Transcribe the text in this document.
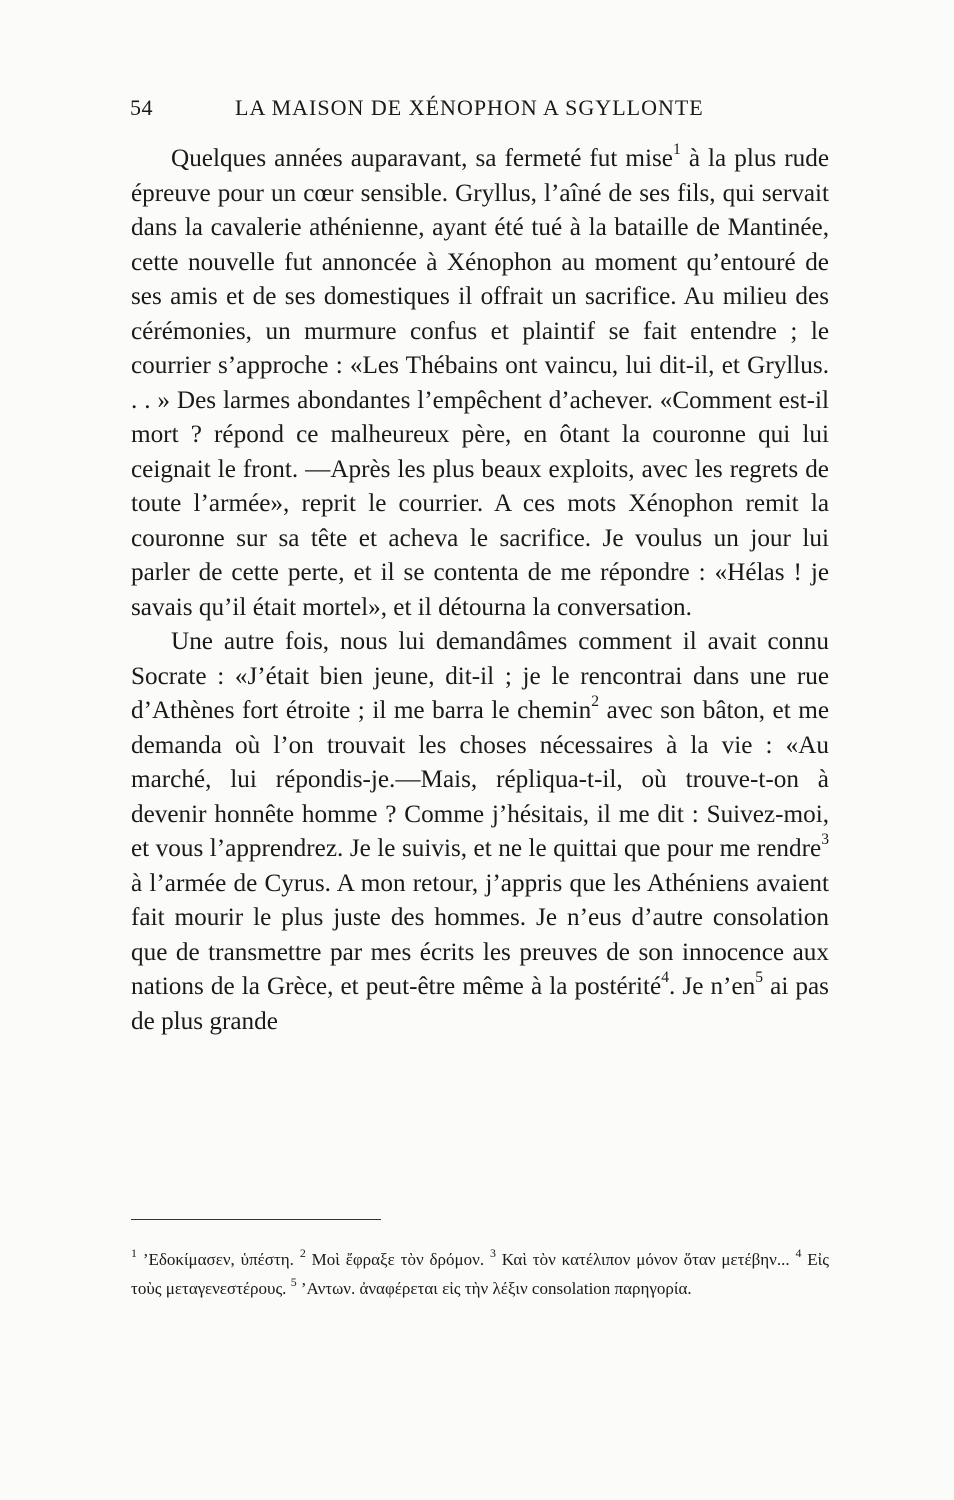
54	LA MAISON DE XÉNOPHON A SGYLLONTE

Quelques années auparavant, sa fermeté fut mise$^1$ à la plus rude épreuve pour un cœur sensible. Gryllus, l’aîné de ses fils, qui servait dans la cavalerie athénienne, ayant été tué à la bataille de Mantinée, cette nouvelle fut annoncée à Xénophon au moment qu’entouré de ses amis et de ses domestiques il offrait un sacrifice. Au milieu des cérémonies, un murmure confus et plaintif se fait entendre ; le courrier s’approche : «Les Thébains ont vaincu, lui dit-il, et Gryllus. . . » Des larmes abondantes l’empêchent d’achever. «Comment est-il mort ? répond ce malheureux père, en ôtant la couronne qui lui ceignait le front. —Après les plus beaux exploits, avec les regrets de toute l’armée», reprit le courrier. A ces mots Xénophon remit la couronne sur sa tête et acheva le sacrifice. Je voulus un jour lui parler de cette perte, et il se contenta de me répondre : «Hélas ! je savais qu’il était mortel», et il détourna la conversation.

Une autre fois, nous lui demandâmes comment il avait connu Socrate : «J’était bien jeune, dit-il ; je le rencontrai dans une rue d’Athènes fort étroite ; il me barra le chemin$^2$ avec son bâton, et me demanda où l’on trouvait les choses nécessaires à la vie : «Au marché, lui répondis-je.—Mais, répliqua-t-il, où trouve-t-on à devenir honnête homme ? Comme j’hésitais, il me dit : Suivez-moi, et vous l’apprendrez. Je le suivis, et ne le quittai que pour me rendre$^3$ à l’armée de Cyrus. A mon retour, j’appris que les Athéniens avaient fait mourir le plus juste des hommes. Je n’eus d’autre consolation que de transmettre par mes écrits les preuves de son innocence aux nations de la Grèce, et peut-être même à la postérité$^4$. Je $n’en^5$ ai pas de plus grande

$^1$ ’Εδοκίμασεν, ὑπέστη. $^2$ Μοὶ ἔφραξε τὸν δρόμον. $^3$ Καὶ τὸν κατέλιπον μόνον ὅταν μετέβην... $^4$ Εἰς τοὺς μεταγενεστέρους. $^5$ ’Αντων. ἀναφέρεται εἰς τὴν λέξιν consolation παρηγορία.
